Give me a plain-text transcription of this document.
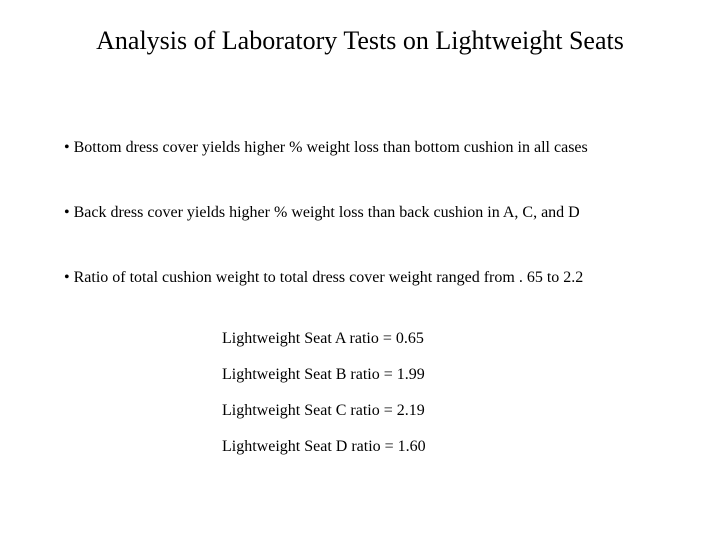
Analysis of Laboratory Tests on Lightweight Seats
• Bottom dress cover yields higher % weight loss than bottom cushion in all cases
• Back dress cover yields higher % weight loss than back cushion in A, C, and D
• Ratio of total cushion weight to total dress cover weight ranged from . 65 to 2.2
Lightweight Seat A ratio = 0.65
Lightweight Seat B ratio = 1.99
Lightweight Seat C ratio = 2.19
Lightweight Seat D ratio = 1.60
